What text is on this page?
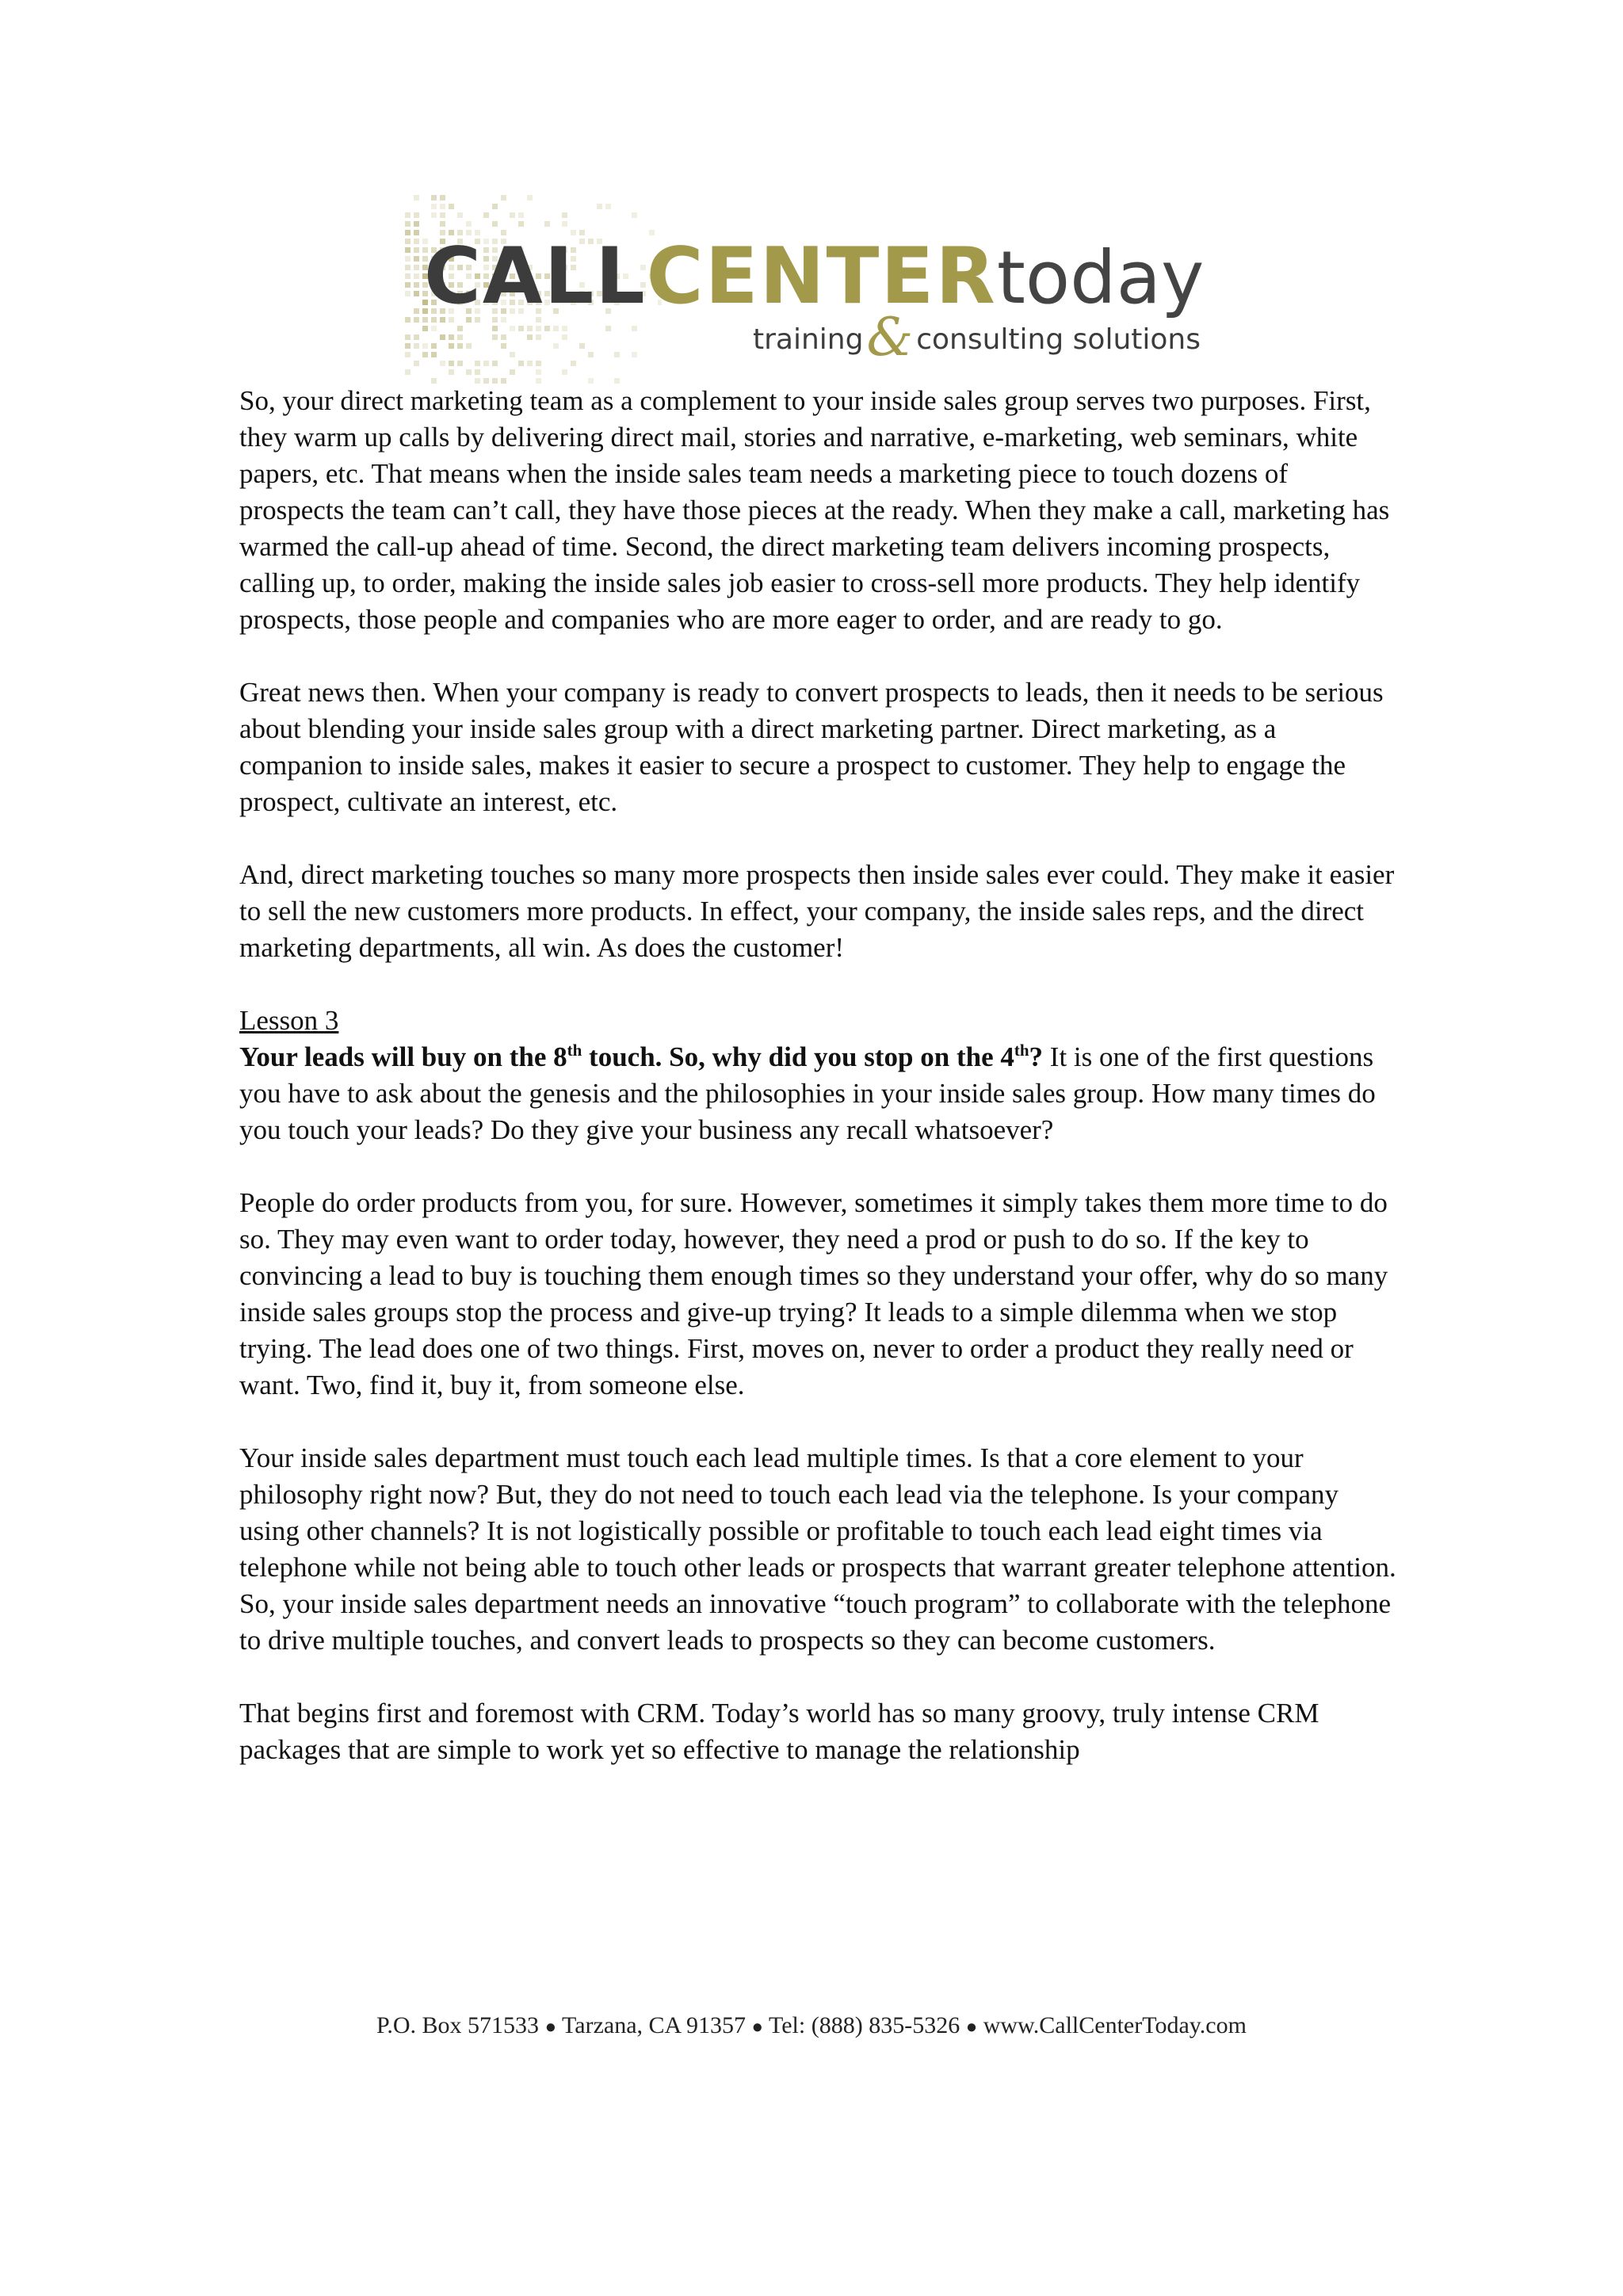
CALLCENTERtoday
training& consulting solutions

So, your direct marketing team as a complement to your inside sales group serves two purposes. First, they warm up calls by delivering direct mail, stories and narrative, e-marketing, web seminars, white papers, etc. That means when the inside sales team needs a marketing piece to touch dozens of prospects the team can’t call, they have those pieces at the ready. When they make a call, marketing has warmed the call-up ahead of time. Second, the direct marketing team delivers incoming prospects, calling up, to order, making the inside sales job easier to cross-sell more products. They help identify prospects, those people and companies who are more eager to order, and are ready to go.

Great news then. When your company is ready to convert prospects to leads, then it needs to be serious about blending your inside sales group with a direct marketing partner. Direct marketing, as a companion to inside sales, makes it easier to secure a prospect to customer. They help to engage the prospect, cultivate an interest, etc.

And, direct marketing touches so many more prospects then inside sales ever could. They make it easier to sell the new customers more products. In effect, your company, the inside sales reps, and the direct marketing departments, all win. As does the customer!

Lesson 3
Your leads will buy on the 8th touch. So, why did you stop on the 4th? It is one of the first questions you have to ask about the genesis and the philosophies in your inside sales group. How many times do you touch your leads? Do they give your business any recall whatsoever?

People do order products from you, for sure. However, sometimes it simply takes them more time to do so. They may even want to order today, however, they need a prod or push to do so. If the key to convincing a lead to buy is touching them enough times so they understand your offer, why do so many inside sales groups stop the process and give-up trying? It leads to a simple dilemma when we stop trying. The lead does one of two things. First, moves on, never to order a product they really need or want. Two, find it, buy it, from someone else.

Your inside sales department must touch each lead multiple times. Is that a core element to your philosophy right now? But, they do not need to touch each lead via the telephone. Is your company using other channels? It is not logistically possible or profitable to touch each lead eight times via telephone while not being able to touch other leads or prospects that warrant greater telephone attention. So, your inside sales department needs an innovative “touch program” to collaborate with the telephone to drive multiple touches, and convert leads to prospects so they can become customers.

That begins first and foremost with CRM. Today’s world has so many groovy, truly intense CRM packages that are simple to work yet so effective to manage the relationship

P.O. Box 571533 ● Tarzana, CA 91357 ● Tel: (888) 835-5326 ● www.CallCenterToday.com
